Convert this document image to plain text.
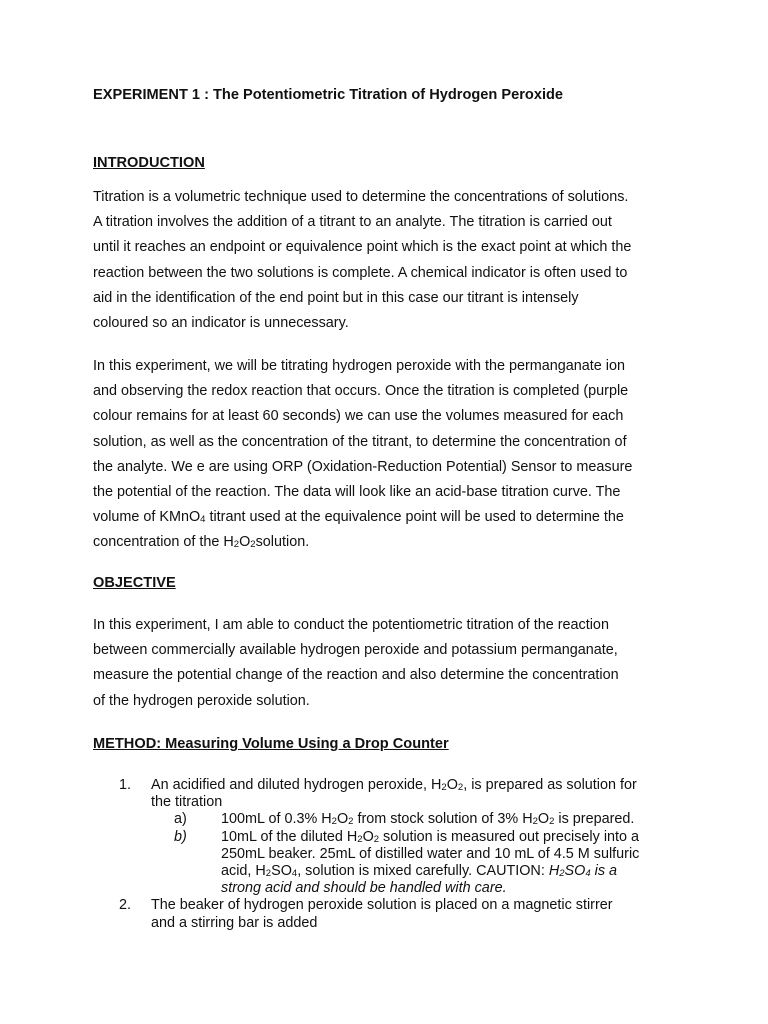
EXPERIMENT 1 : The Potentiometric Titration of Hydrogen Peroxide
INTRODUCTION
Titration is a volumetric technique used to determine the concentrations of solutions.
A titration involves the addition of a titrant to an analyte. The titration is carried out
until it reaches an endpoint or equivalence point which is the exact point at which the
reaction between the two solutions is complete. A chemical indicator is often used to
aid in the identification of the end point but in this case our titrant is intensely
coloured so an indicator is unnecessary.
In this experiment, we will be titrating hydrogen peroxide with the permanganate ion
and observing the redox reaction that occurs. Once the titration is completed (purple
colour remains for at least 60 seconds) we can use the volumes measured for each
solution, as well as the concentration of the titrant, to determine the concentration of
the analyte. We e are using ORP (Oxidation-Reduction Potential) Sensor to measure
the potential of the reaction. The data will look like an acid-base titration curve. The
volume of KMnO$_4$ titrant used at the equivalence point will be used to determine the
concentration of the $H_2O_2solution$.
OBJECTIVE
In this experiment, I am able to conduct the potentiometric titration of the reaction
between commercially available hydrogen peroxide and potassium permanganate,
measure the potential change of the reaction and also determine the concentration
of the hydrogen peroxide solution.
METHOD: Measuring Volume Using a Drop Counter
1. An acidified and diluted hydrogen peroxide, $H_2O_2$, is prepared as solution for
the titration
a) 100mL of 0.3% $H_2O_2$ from stock solution of 3% $H_2O_2$ is prepared.
b) 10mL of the diluted $H_2O_2$ solution is measured out precisely into a
250mL beaker. 25mL of distilled water and 10 mL of 4.5 M sulfuric
acid, $H_2SO_4$, solution is mixed carefully. CAUTION: $H_2SO_4$ is a
strong acid and should be handled with care.
2. The beaker of hydrogen peroxide solution is placed on a magnetic stirrer
and a stirring bar is added
